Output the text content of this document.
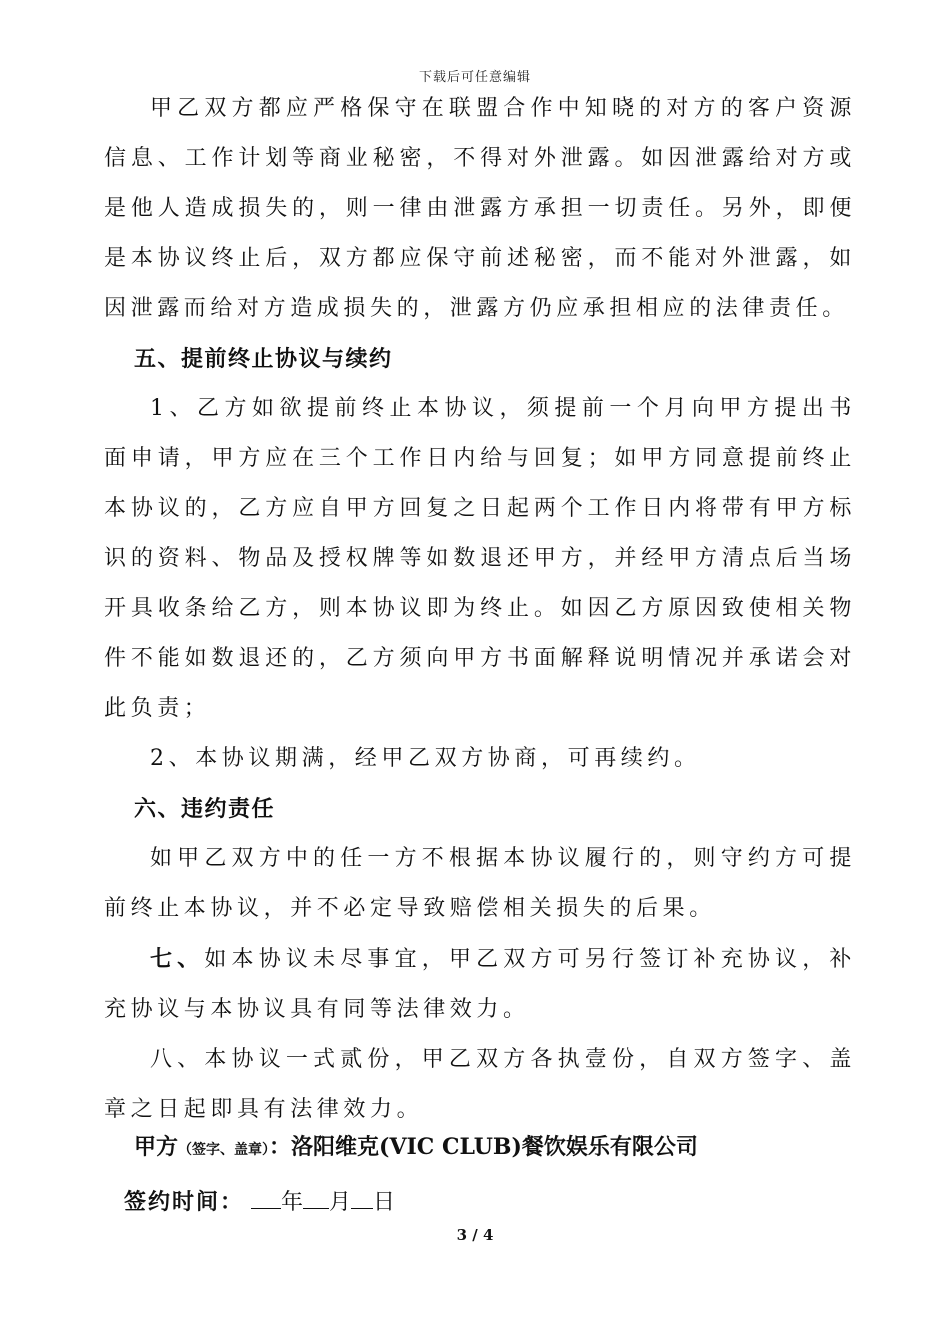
下载后可任意编辑

甲乙双方都应严格保守在联盟合作中知晓的对方的客户资源信息、工作计划等商业秘密，不得对外泄露。如因泄露给对方或是他人造成损失的，则一律由泄露方承担一切责任。另外，即便是本协议终止后，双方都应保守前述秘密，而不能对外泄露，如因泄露而给对方造成损失的，泄露方仍应承担相应的法律责任。

五、提前终止协议与续约

1、乙方如欲提前终止本协议，须提前一个月向甲方提出书面申请，甲方应在三个工作日内给与回复；如甲方同意提前终止本协议的，乙方应自甲方回复之日起两个工作日内将带有甲方标识的资料、物品及授权牌等如数退还甲方，并经甲方清点后当场开具收条给乙方，则本协议即为终止。如因乙方原因致使相关物件不能如数退还的，乙方须向甲方书面解释说明情况并承诺会对此负责；

2、本协议期满，经甲乙双方协商，可再续约。

六、违约责任

如甲乙双方中的任一方不根据本协议履行的，则守约方可提前终止本协议，并不必定导致赔偿相关损失的后果。

七、如本协议未尽事宜，甲乙双方可另行签订补充协议，补充协议与本协议具有同等法律效力。

八、本协议一式贰份，甲乙双方各执壹份，自双方签字、盖章之日起即具有法律效力。

甲方（签字、盖章）：洛阳维克(VIC CLUB)餐饮娱乐有限公司
签约时间： 年 月 日
3 / 4
